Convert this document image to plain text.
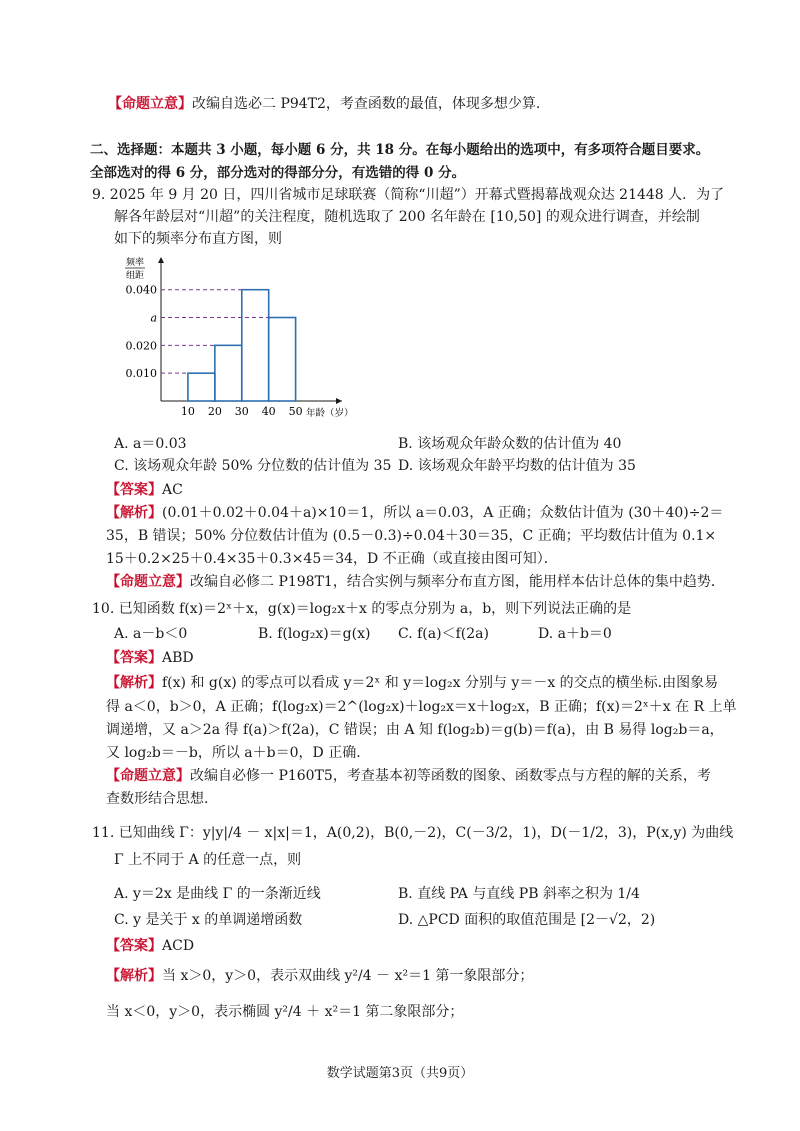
【命题立意】改编自选必二 P94T2，考查函数的最值，体现多想少算.
二、选择题：本题共 3 小题，每小题 6 分，共 18 分。在每小题给出的选项中，有多项符合题目要求。
全部选对的得 6 分，部分选对的得部分分，有选错的得 0 分。
9. 2025 年 9 月 20 日，四川省城市足球联赛（简称“川超”）开幕式暨揭幕战观众达 21448 人．为了
解各年龄层对“川超”的关注程度，随机选取了 200 名年龄在 [10,50] 的观众进行调查，并绘制
如下的频率分布直方图，则
频率
组距
0.010
0.020
a
0.040
10 20 30 40 50 年龄（岁）
A. a＝0.03	B. 该场观众年龄众数的估计值为 40
C. 该场观众年龄 50% 分位数的估计值为 35 D. 该场观众年龄平均数的估计值为 35
【答案】AC
【解析】(0.01＋0.02＋0.04＋a)×10＝1，所以 a＝0.03，A 正确；众数估计值为 (30＋40)÷2＝
35，B 错误；50% 分位数估计值为 (0.5－0.3)÷0.04＋30＝35，C 正确；平均数估计值为 0.1×
15＋0.2×25＋0.4×35＋0.3×45＝34，D 不正确（或直接由图可知）．
【命题立意】改编自必修二 P198T1，结合实例与频率分布直方图，能用样本估计总体的集中趋势．
10. 已知函数 f(x)＝2ˣ＋x，g(x)＝log₂x＋x 的零点分别为 a，b，则下列说法正确的是
A. a－b＜0	B. f(log₂x)＝g(x) C. f(a)＜f(2a)	D. a＋b＝0
【答案】ABD
【解析】f(x) 和 g(x) 的零点可以看成 y＝2ˣ 和 y＝log₂x 分别与 y＝－x 的交点的横坐标.由图象易
得 a＜0，b＞0，A 正确；f(log₂x)＝2^(log₂x)＋log₂x＝x＋log₂x，B 正确；f(x)＝2ˣ＋x 在 R 上单
调递增，又 a＞2a 得 f(a)＞f(2a)，C 错误；由 A 知 f(log₂b)＝g(b)＝f(a)，由 B 易得 log₂b＝a，
又 log₂b＝－b，所以 a＋b＝0，D 正确.
【命题立意】改编自必修一 P160T5，考查基本初等函数的图象、函数零点与方程的解的关系，考
查数形结合思想.
11. 已知曲线 Γ：y|y|/4 － x|x|＝1，A(0,2)，B(0,－2)，C(－3/2，1)，D(－1/2，3)，P(x,y) 为曲线
Γ 上不同于 A 的任意一点，则
A. y＝2x 是曲线 Γ 的一条渐近线	B. 直线 PA 与直线 PB 斜率之积为 1/4
C. y 是关于 x 的单调递增函数	D. △PCD 面积的取值范围是 [2－√2，2)
【答案】ACD
【解析】当 x＞0，y＞0，表示双曲线 y²/4 － x²＝1 第一象限部分；
当 x＜0，y＞0，表示椭圆 y²/4 ＋ x²＝1 第二象限部分；
数学试题第3页（共9页）
